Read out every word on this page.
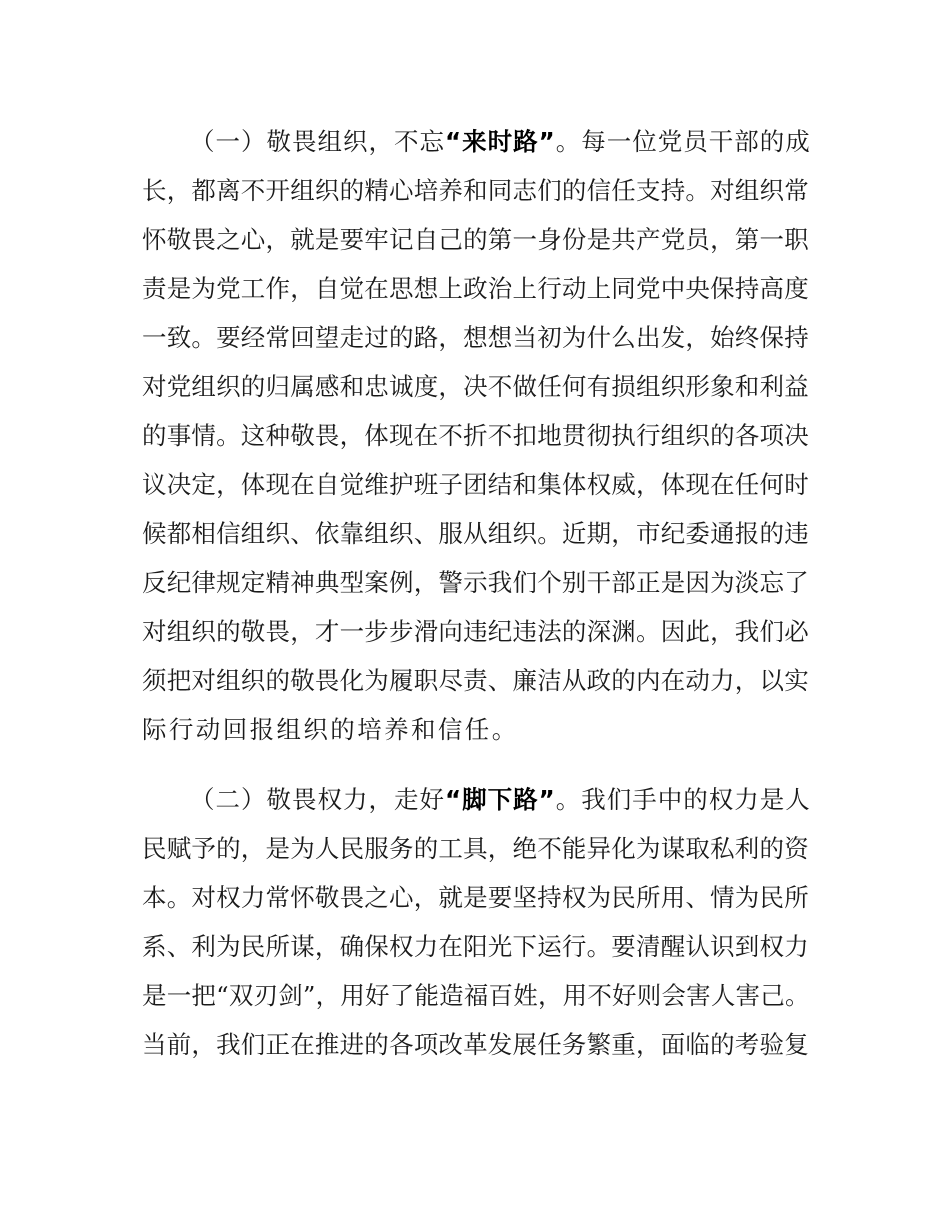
（一）敬畏组织，不忘“来时路”。每一位党员干部的成
长，都离不开组织的精心培养和同志们的信任支持。对组织常
怀敬畏之心，就是要牢记自己的第一身份是共产党员，第一职
责是为党工作，自觉在思想上政治上行动上同党中央保持高度
一致。要经常回望走过的路，想想当初为什么出发，始终保持
对党组织的归属感和忠诚度，决不做任何有损组织形象和利益
的事情。这种敬畏，体现在不折不扣地贯彻执行组织的各项决
议决定，体现在自觉维护班子团结和集体权威，体现在任何时
候都相信组织、依靠组织、服从组织。近期，市纪委通报的违
反纪律规定精神典型案例，警示我们个别干部正是因为淡忘了
对组织的敬畏，才一步步滑向违纪违法的深渊。因此，我们必
须把对组织的敬畏化为履职尽责、廉洁从政的内在动力，以实
际行动回报组织的培养和信任。
（二）敬畏权力，走好“脚下路”。我们手中的权力是人
民赋予的，是为人民服务的工具，绝不能异化为谋取私利的资
本。对权力常怀敬畏之心，就是要坚持权为民所用、情为民所
系、利为民所谋，确保权力在阳光下运行。要清醒认识到权力
是一把“双刃剑”，用好了能造福百姓，用不好则会害人害己。
当前，我们正在推进的各项改革发展任务繁重，面临的考验复
